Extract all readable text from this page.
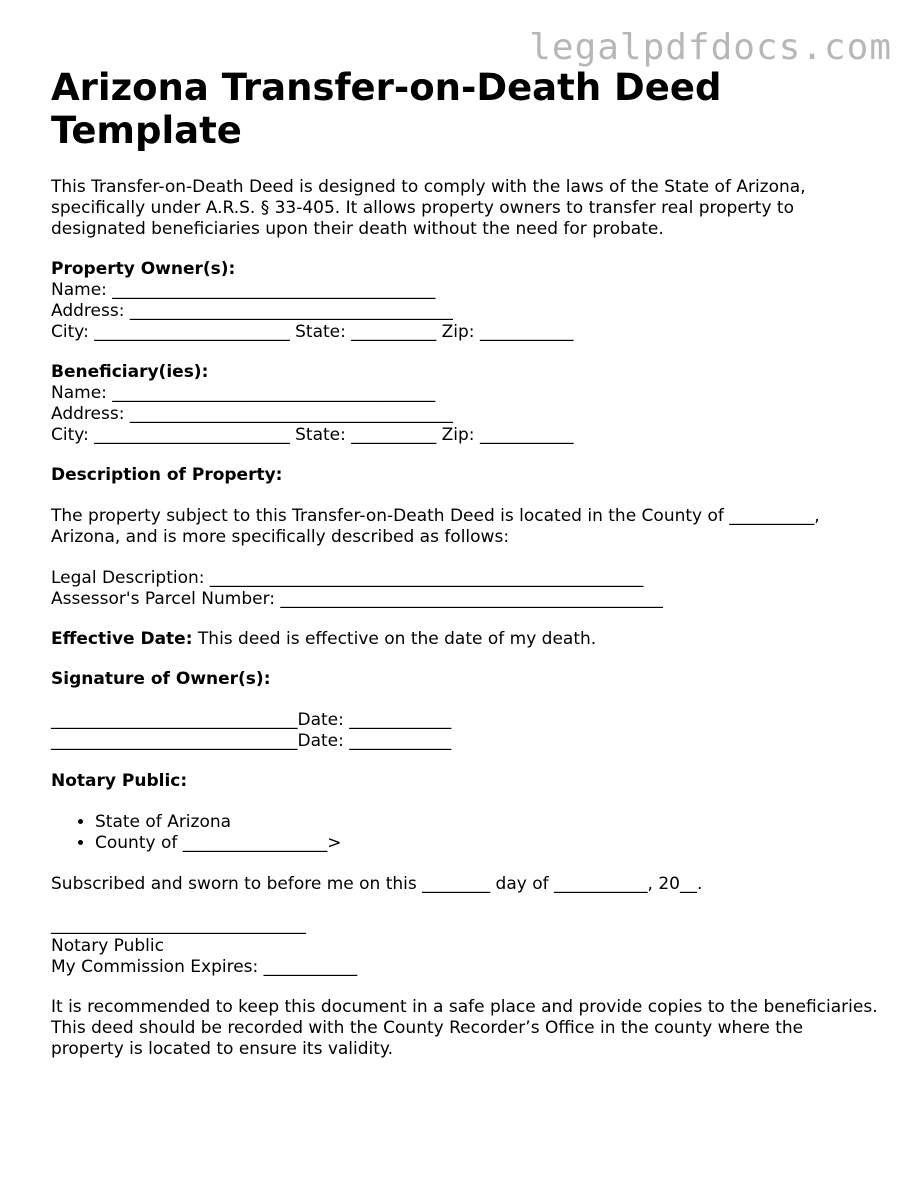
legalpdfdocs.com
Arizona Transfer-on-Death Deed Template

This Transfer-on-Death Deed is designed to comply with the laws of the State of Arizona, specifically under A.R.S. § 33-405. It allows property owners to transfer real property to designated beneficiaries upon their death without the need for probate.

Property Owner(s):

Name: ______________________________________

Address: ______________________________________

City: _______________________ State: __________ Zip: ___________

Beneficiary(ies):

Name: ______________________________________

Address: ______________________________________

City: _______________________ State: __________ Zip: ___________

Description of Property:

The property subject to this Transfer-on-Death Deed is located in the County of __________, Arizona, and is more specifically described as follows:

Legal Description: ___________________________________________________

Assessor's Parcel Number: _____________________________________________

Effective Date: This deed is effective on the date of my death.

Signature of Owner(s):

_____________________________Date: ____________

_____________________________Date: ____________

Notary Public:

• State of Arizona
• County of _________________>

Subscribed and sworn to before me on this ________ day of ___________, 20__.

______________________________

Notary Public

My Commission Expires: ___________

It is recommended to keep this document in a safe place and provide copies to the beneficiaries. This deed should be recorded with the County Recorder’s Office in the county where the property is located to ensure its validity.
